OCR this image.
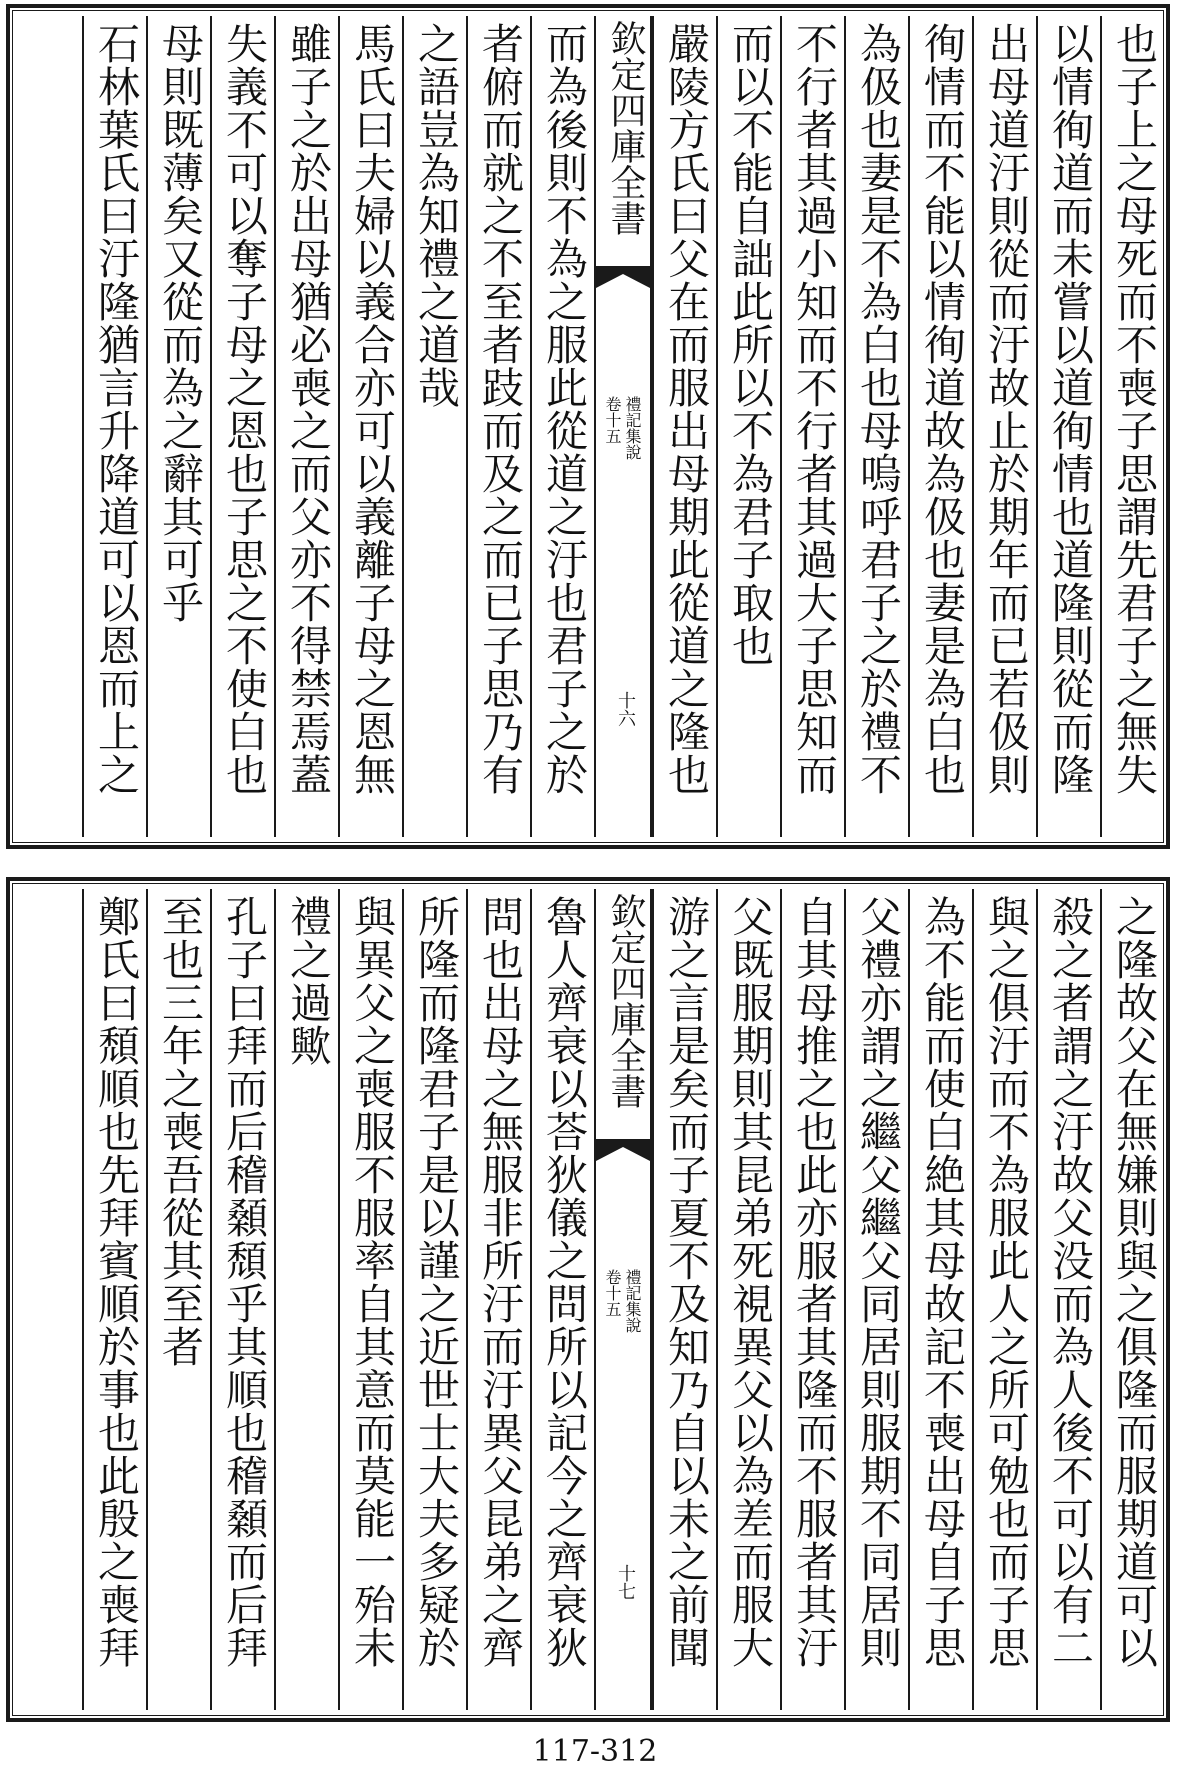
也子上之母死而不喪子思謂先君子之無失
以情徇道而未嘗以道徇情也道隆則從而隆
出母道汙則從而汙故止於期年而已若伋則
徇情而不能以情徇道故為伋也妻是為白也
為伋也妻是不為白也母嗚呼君子之於禮不
不行者其過小知而不行者其過大子思知而
而以不能自詘此所以不為君子取也
嚴陵方氏曰父在而服出母期此從道之隆也
欽定四庫全書
禮記集說
卷十五
十六
而為後則不為之服此從道之汙也君子之於
者俯而就之不至者跂而及之而已子思乃有
之語豈為知禮之道哉
馬氏曰夫婦以義合亦可以義離子母之恩無
雖子之於出母猶必喪之而父亦不得禁焉蓋
失義不可以奪子母之恩也子思之不使白也
母則既薄矣又從而為之辭其可乎
石林葉氏曰汙隆猶言升降道可以恩而上之
之隆故父在無嫌則與之俱隆而服期道可以
殺之者謂之汙故父没而為人後不可以有二
與之俱汙而不為服此人之所可勉也而子思
為不能而使白絶其母故記不喪出母自子思
父禮亦謂之繼父繼父同居則服期不同居則
自其母推之也此亦服者其隆而不服者其汙
父既服期則其昆弟死視異父以為差而服大
游之言是矣而子夏不及知乃自以未之前聞
欽定四庫全書
禮記集說
卷十五
十七
魯人齊衰以荅狄儀之問所以記今之齊衰狄
問也出母之無服非所汙而汙異父昆弟之齊
所隆而隆君子是以謹之近世士大夫多疑於
與異父之喪服不服率自其意而莫能一殆未
禮之過歟
孔子曰拜而后稽顙頹乎其順也稽顙而后拜
至也三年之喪吾從其至者
鄭氏曰頹順也先拜賓順於事也此殷之喪拜
117-312
